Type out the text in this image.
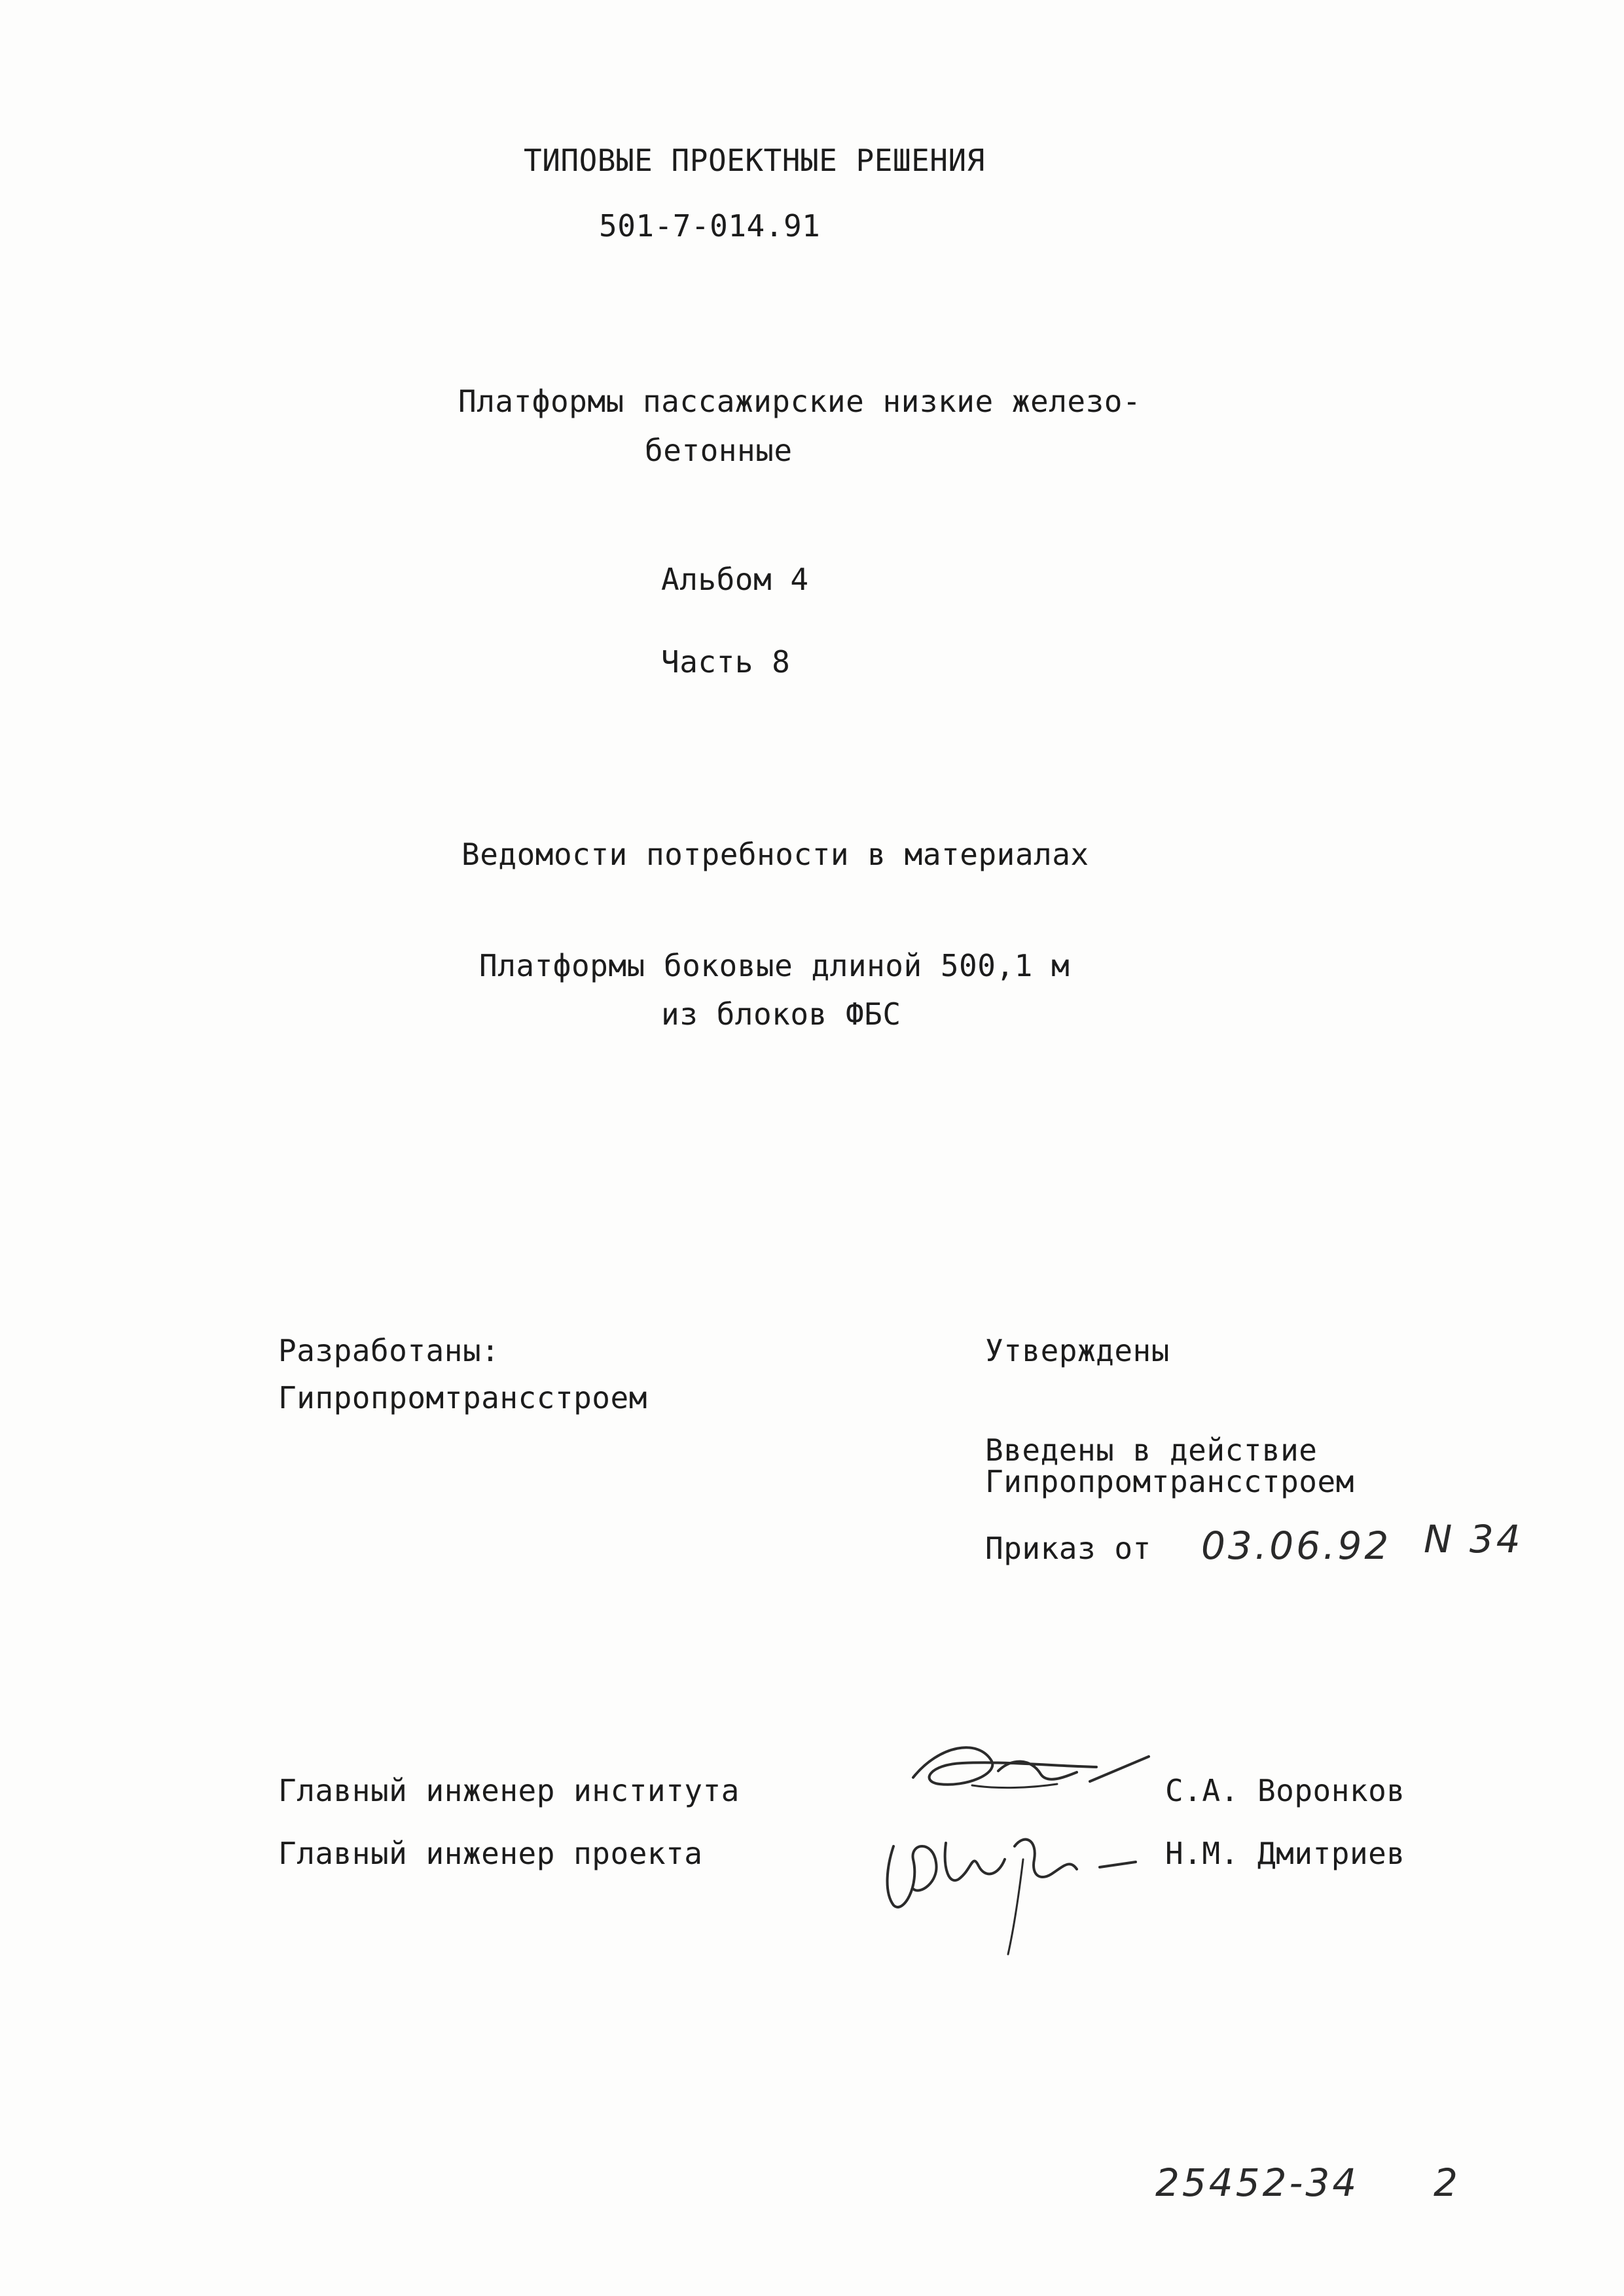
ТИПОВЫЕ ПРОЕКТНЫЕ РЕШЕНИЯ
501-7-014.91
Платформы пассажирские низкие железо-
бетонные
Альбом 4
Часть 8
Ведомости потребности в материалах
Платформы боковые длиной 500,1 м
из блоков ФБС
Разработаны:
Гипропромтрансстроем
Утверждены
Введены в действие
Гипропромтрансстроем
Приказ от 03.06.92 N 34
Главный инженер института
Главный инженер проекта
С.А. Воронков
Н.М. Дмитриев
25452-34 2
